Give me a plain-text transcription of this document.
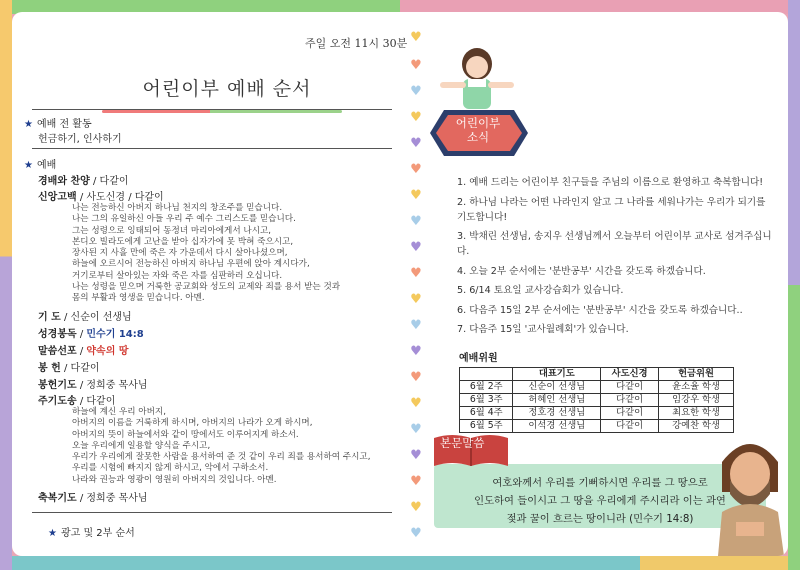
주일 오전 11시 30분
어린이부 예배 순서
★ 예배 전 활동
헌금하기, 인사하기
★ 예배
경배와 찬양 / 다같이
신앙고백 / 사도신경 / 다같이
나는 전능하신 아버지 하나님 천지의 창조주를 믿습니다.
나는 그의 유일하신 아들 우리 주 예수 그리스도를 믿습니다.
그는 성령으로 잉태되어 동정녀 마리아에게서 나시고,
본디오 빌라도에게 고난을 받아 십자가에 못 박혀 죽으시고,
장사된 지 사흘 만에 죽은 자 가운데서 다시 살아나셨으며,
하늘에 오르시어 전능하신 아버지 하나님 우편에 앉아 계시다가,
거기로부터 살아있는 자와 죽은 자를 심판하러 오십니다.
나는 성령을 믿으며 거룩한 공교회와 성도의 교제와 죄를 용서 받는 것과
몸의 부활과 영생을 믿습니다. 아멘.
기 도 / 신순이 선생님
성경봉독 / 민수기 14:8
말씀선포 / 약속의 땅
봉 헌 / 다같이
봉헌기도 / 정희중 목사님
주기도송 / 다같이
하늘에 계신 우리 아버지,
아버지의 이름을 거룩하게 하시며, 아버지의 나라가 오게 하시며,
아버지의 뜻이 하늘에서와 같이 땅에서도 이루어지게 하소서.
오늘 우리에게 일용할 양식을 주시고,
우리가 우리에게 잘못한 사람을 용서하여 준 것 같이 우리 죄를 용서하여 주시고,
우리를 시험에 빠지지 않게 하시고, 악에서 구하소서.
나라와 권능과 영광이 영원히 아버지의 것입니다. 아멘.
축복기도 / 정희중 목사님
★ 광고 및 2부 순서
♥
♥
♥
♥
♥
♥
♥
♥
♥
♥
♥
♥
♥
♥
♥
♥
♥
♥
♥
♥
어린이부
소식
1. 예배 드리는 어린이부 친구들을 주님의 이름으로 환영하고 축복합니다!
2. 하나님 나라는 어떤 나라인지 알고 그 나라를 세워나가는 우리가 되기를 기도합니다!
3. 박채린 선생님, 송지우 선생님께서 오늘부터 어린이부 교사로 섬겨주십니다.
4. 오늘 2부 순서에는 '분반공부' 시간을 갖도록 하겠습니다.
5. 6/14 토요일 교사강습회가 있습니다.
6. 다음주 15일 2부 순서에는 '분반공부' 시간을 갖도록 하겠습니다..
7. 다음주 15일 '교사월례회'가 있습니다.
예배위원
	대표기도	사도신경	헌금위원
6월 2주	신순이 선생님	다같이	윤소율 학생
6월 3주	허혜인 선생님	다같이	임강우 학생
6월 4주	정호경 선생님	다같이	최요한 학생
6월 5주	이석경 선생님	다같이	강예찬 학생
본문말씀
여호와께서 우리를 기뻐하시면 우리를 그 땅으로
인도하여 들이시고 그 땅을 우리에게 주시리라 이는 과연
젖과 꿀이 흐르는 땅이니라 (민수기 14:8)
